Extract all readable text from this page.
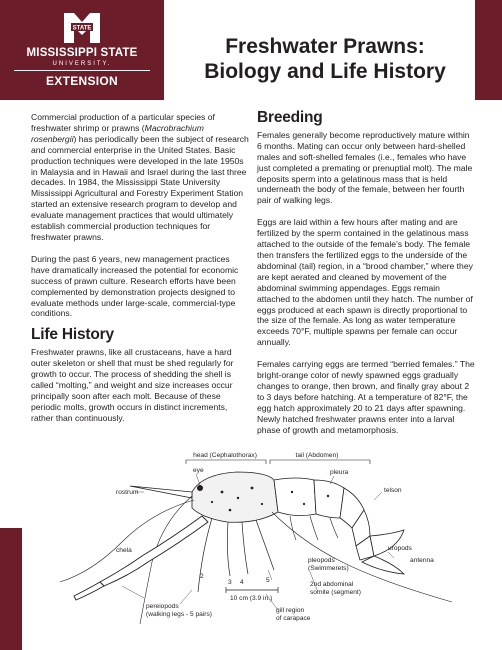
STATE
MISSISSIPPI STATE
UNIVERSITY.
EXTENSION
Freshwater Prawns:
Biology and Life History

Commercial production of a particular species of freshwater shrimp or prawns (Macrobrachium rosenbergii) has periodically been the subject of research and commercial enterprise in the United States. Basic production techniques were developed in the late 1950s in Malaysia and in Hawaii and Israel during the last three decades. In 1984, the Mississippi State University Mississippi Agricultural and Forestry Experiment Station started an extensive research program to develop and evaluate management practices that would ultimately establish commercial production techniques for freshwater prawns.

During the past 6 years, new management practices have dramatically increased the potential for economic success of prawn culture. Research efforts have been complemented by demonstration projects designed to evaluate methods under large-scale, commercial-type conditions.

Life History

Freshwater prawns, like all crustaceans, have a hard outer skeleton or shell that must be shed regularly for growth to occur. The process of shedding the shell is called “molting,” and weight and size increases occur principally soon after each molt. Because of these periodic molts, growth occurs in distinct increments, rather than continuously.

Breeding

Females generally become reproductively mature within 6 months. Mating can occur only between hard-shelled males and soft-shelled females (i.e., females who have just completed a premating or prenuptial molt). The male deposits sperm into a gelatinous mass that is held underneath the body of the female, between her fourth pair of walking legs.

Eggs are laid within a few hours after mating and are fertilized by the sperm contained in the gelatinous mass attached to the outside of the female’s body. The female then transfers the fertilized eggs to the underside of the abdominal (tail) region, in a “brood chamber,” where they are kept aerated and cleaned by movement of the abdominal swimming appendages. Eggs remain attached to the abdomen until they hatch. The number of eggs produced at each spawn is directly proportional to the size of the female. As long as water temperature exceeds 70°F, multiple spawns per female can occur annually.

Females carrying eggs are termed “berried females.” The bright-orange color of newly spawned eggs gradually changes to orange, then brown, and finally gray about 2 to 3 days before hatching. At a temperature of 82°F, the egg hatch approximately 20 to 21 days after spawning. Newly hatched freshwater prawns enter into a larval phase of growth and metamorphosis.

head (Cephalothorax)	tail (Abdomen)
eye
rostrum
pleura
telson
uropods
antenna
chela
pleopods
(Swimmerets)
2nd abdominal
somite (segment)
gill region
of carapace
pereiopods
(walking legs - 5 pairs)
2
3 4	5
10 cm (3.9 in.)
